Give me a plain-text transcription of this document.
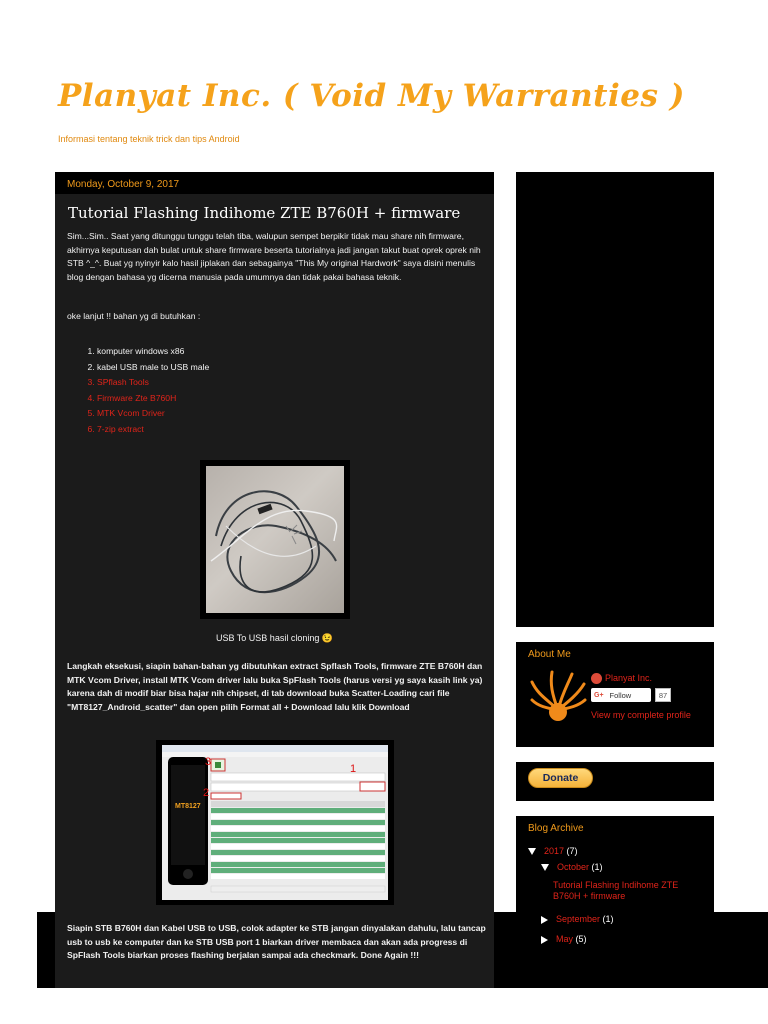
Planyat Inc. ( Void My Warranties )
Informasi tentang teknik trick dan tips Android
Monday, October 9, 2017
Tutorial Flashing Indihome ZTE B760H + firmware

Sim...Sim.. Saat yang ditunggu tunggu telah tiba, walupun sempet berpikir tidak mau share nih firmware, akhirnya keputusan dah bulat untuk share firmware beserta tutorialnya jadi jangan takut buat oprek oprek nih STB ^_^. Buat yg nyinyir kalo hasil jiplakan dan sebagainya "This My original Hardwork" saya disini menulis blog dengan bahasa yg dicerna manusia pada umumnya dan tidak pakai bahasa teknik.

oke lanjut !! bahan yg di butuhkan :

1. komputer windows x86
2. kabel USB male to USB male
3. SPflash Tools
4. Firmware Zte B760H
5. MTK Vcom Driver
6. 7-zip extract
USB To USB hasil cloning 😉

Langkah eksekusi, siapin bahan-bahan yg dibutuhkan extract Spflash Tools, firmware ZTE B760H dan MTK Vcom Driver, install MTK Vcom driver lalu buka SpFlash Tools (harus versi yg saya kasih link ya) karena dah di modif biar bisa hajar nih chipset, di tab download buka Scatter-Loading cari file "MT8127_Android_scatter" dan open pilih Format all + Download lalu klik Download

MT8127
1
2
3

Siapin STB B760H dan Kabel USB to USB, colok adapter ke STB jangan dinyalakan dahulu, lalu tancap usb to usb ke computer dan ke STB USB port 1 biarkan driver membaca dan akan ada progress di SpFlash Tools biarkan proses flashing berjalan sampai ada checkmark. Done Again !!!

About Me
Planyat Inc.
G+ Follow	87
View my complete profile
Donate
Blog Archive
2017 (7)
October (1)
Tutorial Flashing Indihome ZTE B760H + firmware
September (1)
May (5)
